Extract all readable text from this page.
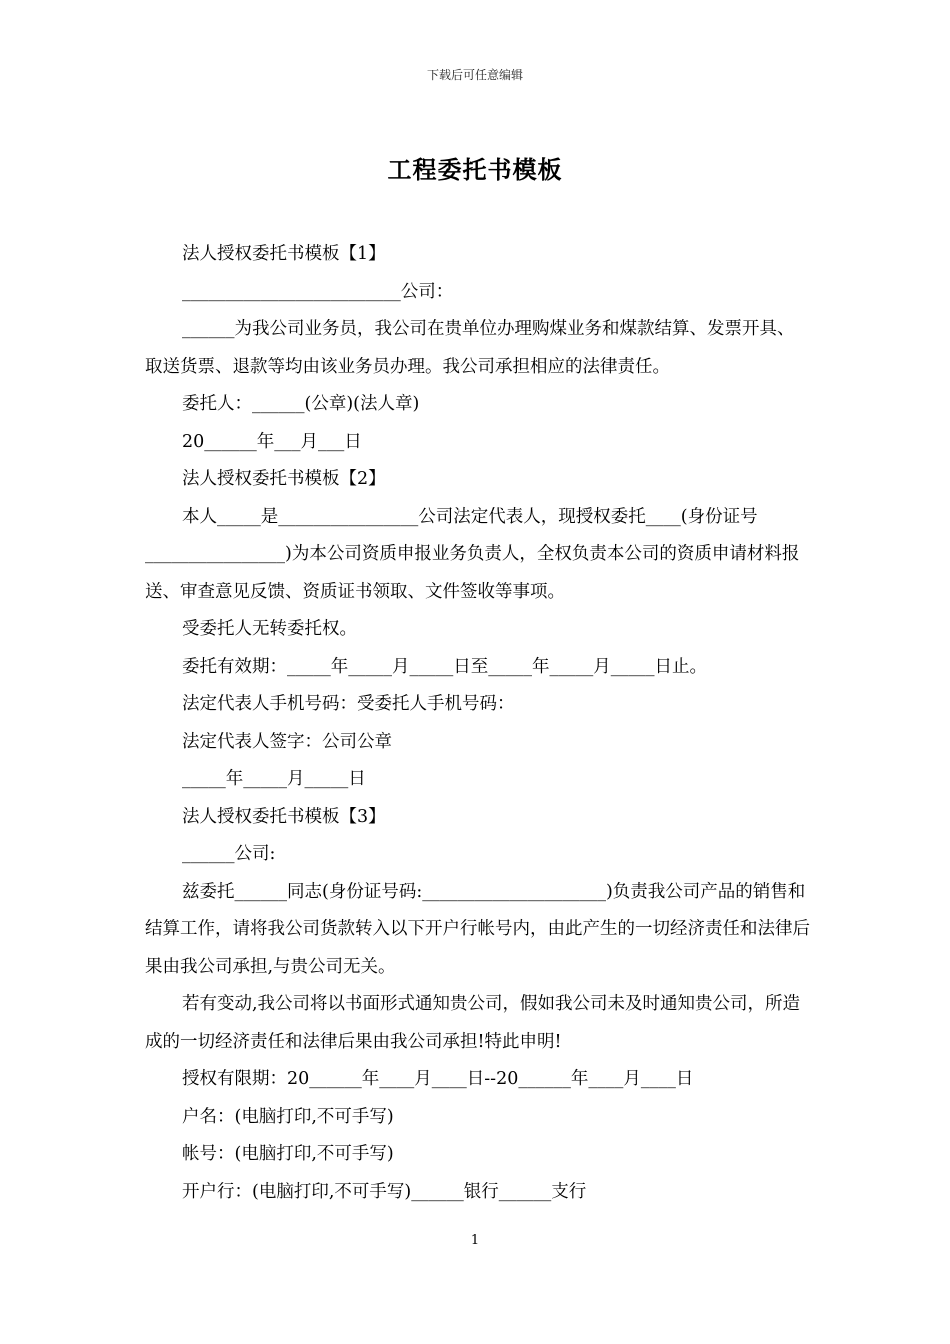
下载后可任意编辑
工程委托书模板

法人授权委托书模板【1】

_________________________公司：

______为我公司业务员，我公司在贵单位办理购煤业务和煤款结算、发票开具、取送货票、退款等均由该业务员办理。我公司承担相应的法律责任。

委托人：______(公章)(法人章)

20______年___月___日

法人授权委托书模板【2】

本人_____是________________公司法定代表人，现授权委托____(身份证号________________)为本公司资质申报业务负责人，全权负责本公司的资质申请材料报送、审查意见反馈、资质证书领取、文件签收等事项。

受委托人无转委托权。

委托有效期：_____年_____月_____日至_____年_____月_____日止。

法定代表人手机号码：受委托人手机号码：

法定代表人签字：公司公章

_____年_____月_____日

法人授权委托书模板【3】

______公司:

兹委托______同志(身份证号码:_____________________)负责我公司产品的销售和结算工作，请将我公司货款转入以下开户行帐号内，由此产生的一切经济责任和法律后果由我公司承担,与贵公司无关。

若有变动,我公司将以书面形式通知贵公司，假如我公司未及时通知贵公司，所造成的一切经济责任和法律后果由我公司承担!特此申明!

授权有限期：20______年____月____日--20______年____月____日

户名：(电脑打印,不可手写)

帐号：(电脑打印,不可手写)

开户行：(电脑打印,不可手写)______银行______支行

1
